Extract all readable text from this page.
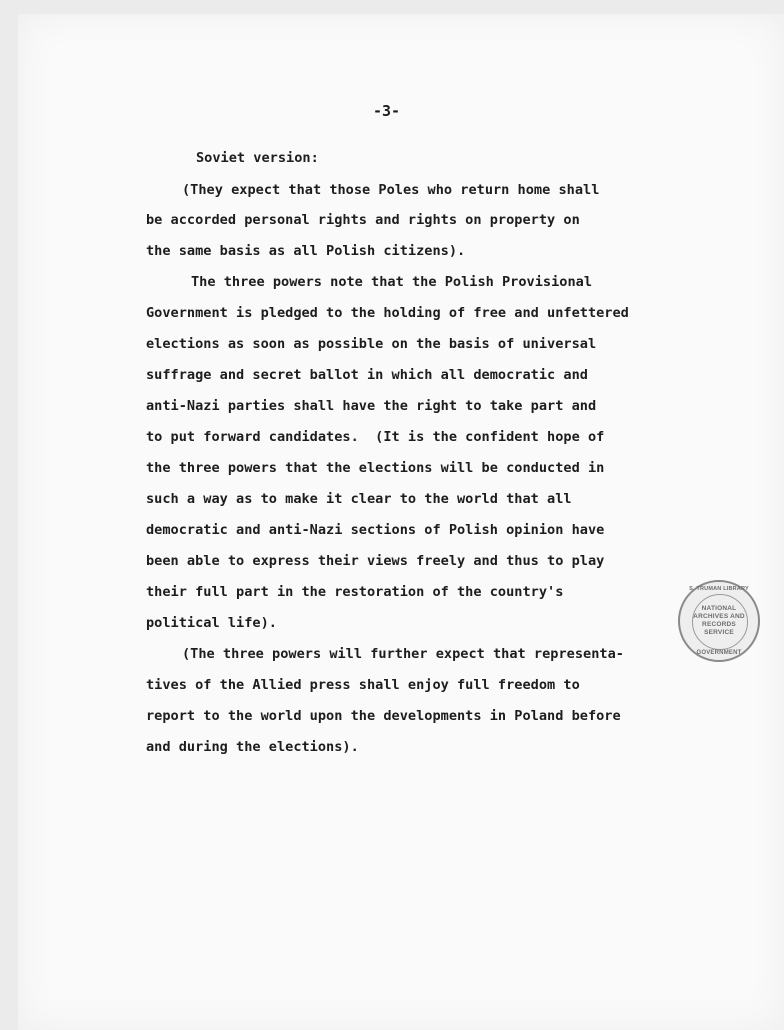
-3-
Soviet version:
(They expect that those Poles who return home shall
be accorded personal rights and rights on property on
the same basis as all Polish citizens).
The three powers note that the Polish Provisional
Government is pledged to the holding of free and unfettered
elections as soon as possible on the basis of universal
suffrage and secret ballot in which all democratic and
anti-Nazi parties shall have the right to take part and
to put forward candidates.  (It is the confident hope of
the three powers that the elections will be conducted in
such a way as to make it clear to the world that all
democratic and anti-Nazi sections of Polish opinion have
been able to express their views freely and thus to play
their full part in the restoration of the country's
political life).
(The three powers will further expect that representa-
tives of the Allied press shall enjoy full freedom to
report to the world upon the developments in Poland before
and during the elections).
S. TRUMAN LIBRARY
NATIONAL
ARCHIVES AND
RECORDS
SERVICE
GOVERNMENT
